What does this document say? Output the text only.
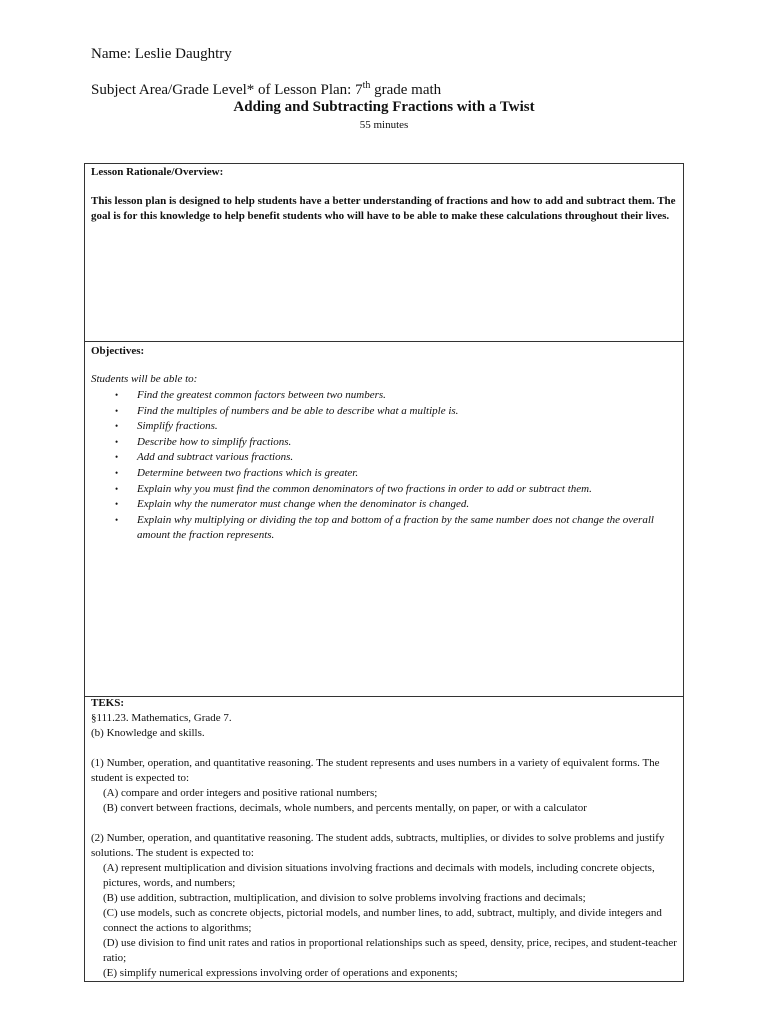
Name: Leslie Daughtry
Subject Area/Grade Level* of Lesson Plan: 7th grade math
Adding and Subtracting Fractions with a Twist
55 minutes
Lesson Rationale/Overview:
This lesson plan is designed to help students have a better understanding of fractions and how to add and subtract them. The goal is for this knowledge to help benefit students who will have to be able to make these calculations throughout their lives.
Objectives:
Students will be able to:
• Find the greatest common factors between two numbers.
• Find the multiples of numbers and be able to describe what a multiple is.
• Simplify fractions.
• Describe how to simplify fractions.
• Add and subtract various fractions.
• Determine between two fractions which is greater.
• Explain why you must find the common denominators of two fractions in order to add or subtract them.
• Explain why the numerator must change when the denominator is changed.
• Explain why multiplying or dividing the top and bottom of a fraction by the same number does not change the overall amount the fraction represents.
TEKS:

§111.23. Mathematics, Grade 7.

(b) Knowledge and skills.

(1) Number, operation, and quantitative reasoning. The student represents and uses numbers in a variety of equivalent forms. The student is expected to:

(A) compare and order integers and positive rational numbers;

(B) convert between fractions, decimals, whole numbers, and percents mentally, on paper, or with a calculator

(2) Number, operation, and quantitative reasoning. The student adds, subtracts, multiplies, or divides to solve problems and justify solutions. The student is expected to:

(A) represent multiplication and division situations involving fractions and decimals with models, including concrete objects, pictures, words, and numbers;

(B) use addition, subtraction, multiplication, and division to solve problems involving fractions and decimals;

(C) use models, such as concrete objects, pictorial models, and number lines, to add, subtract, multiply, and divide integers and connect the actions to algorithms;

(D) use division to find unit rates and ratios in proportional relationships such as speed, density, price, recipes, and student-teacher ratio;

(E) simplify numerical expressions involving order of operations and exponents;
